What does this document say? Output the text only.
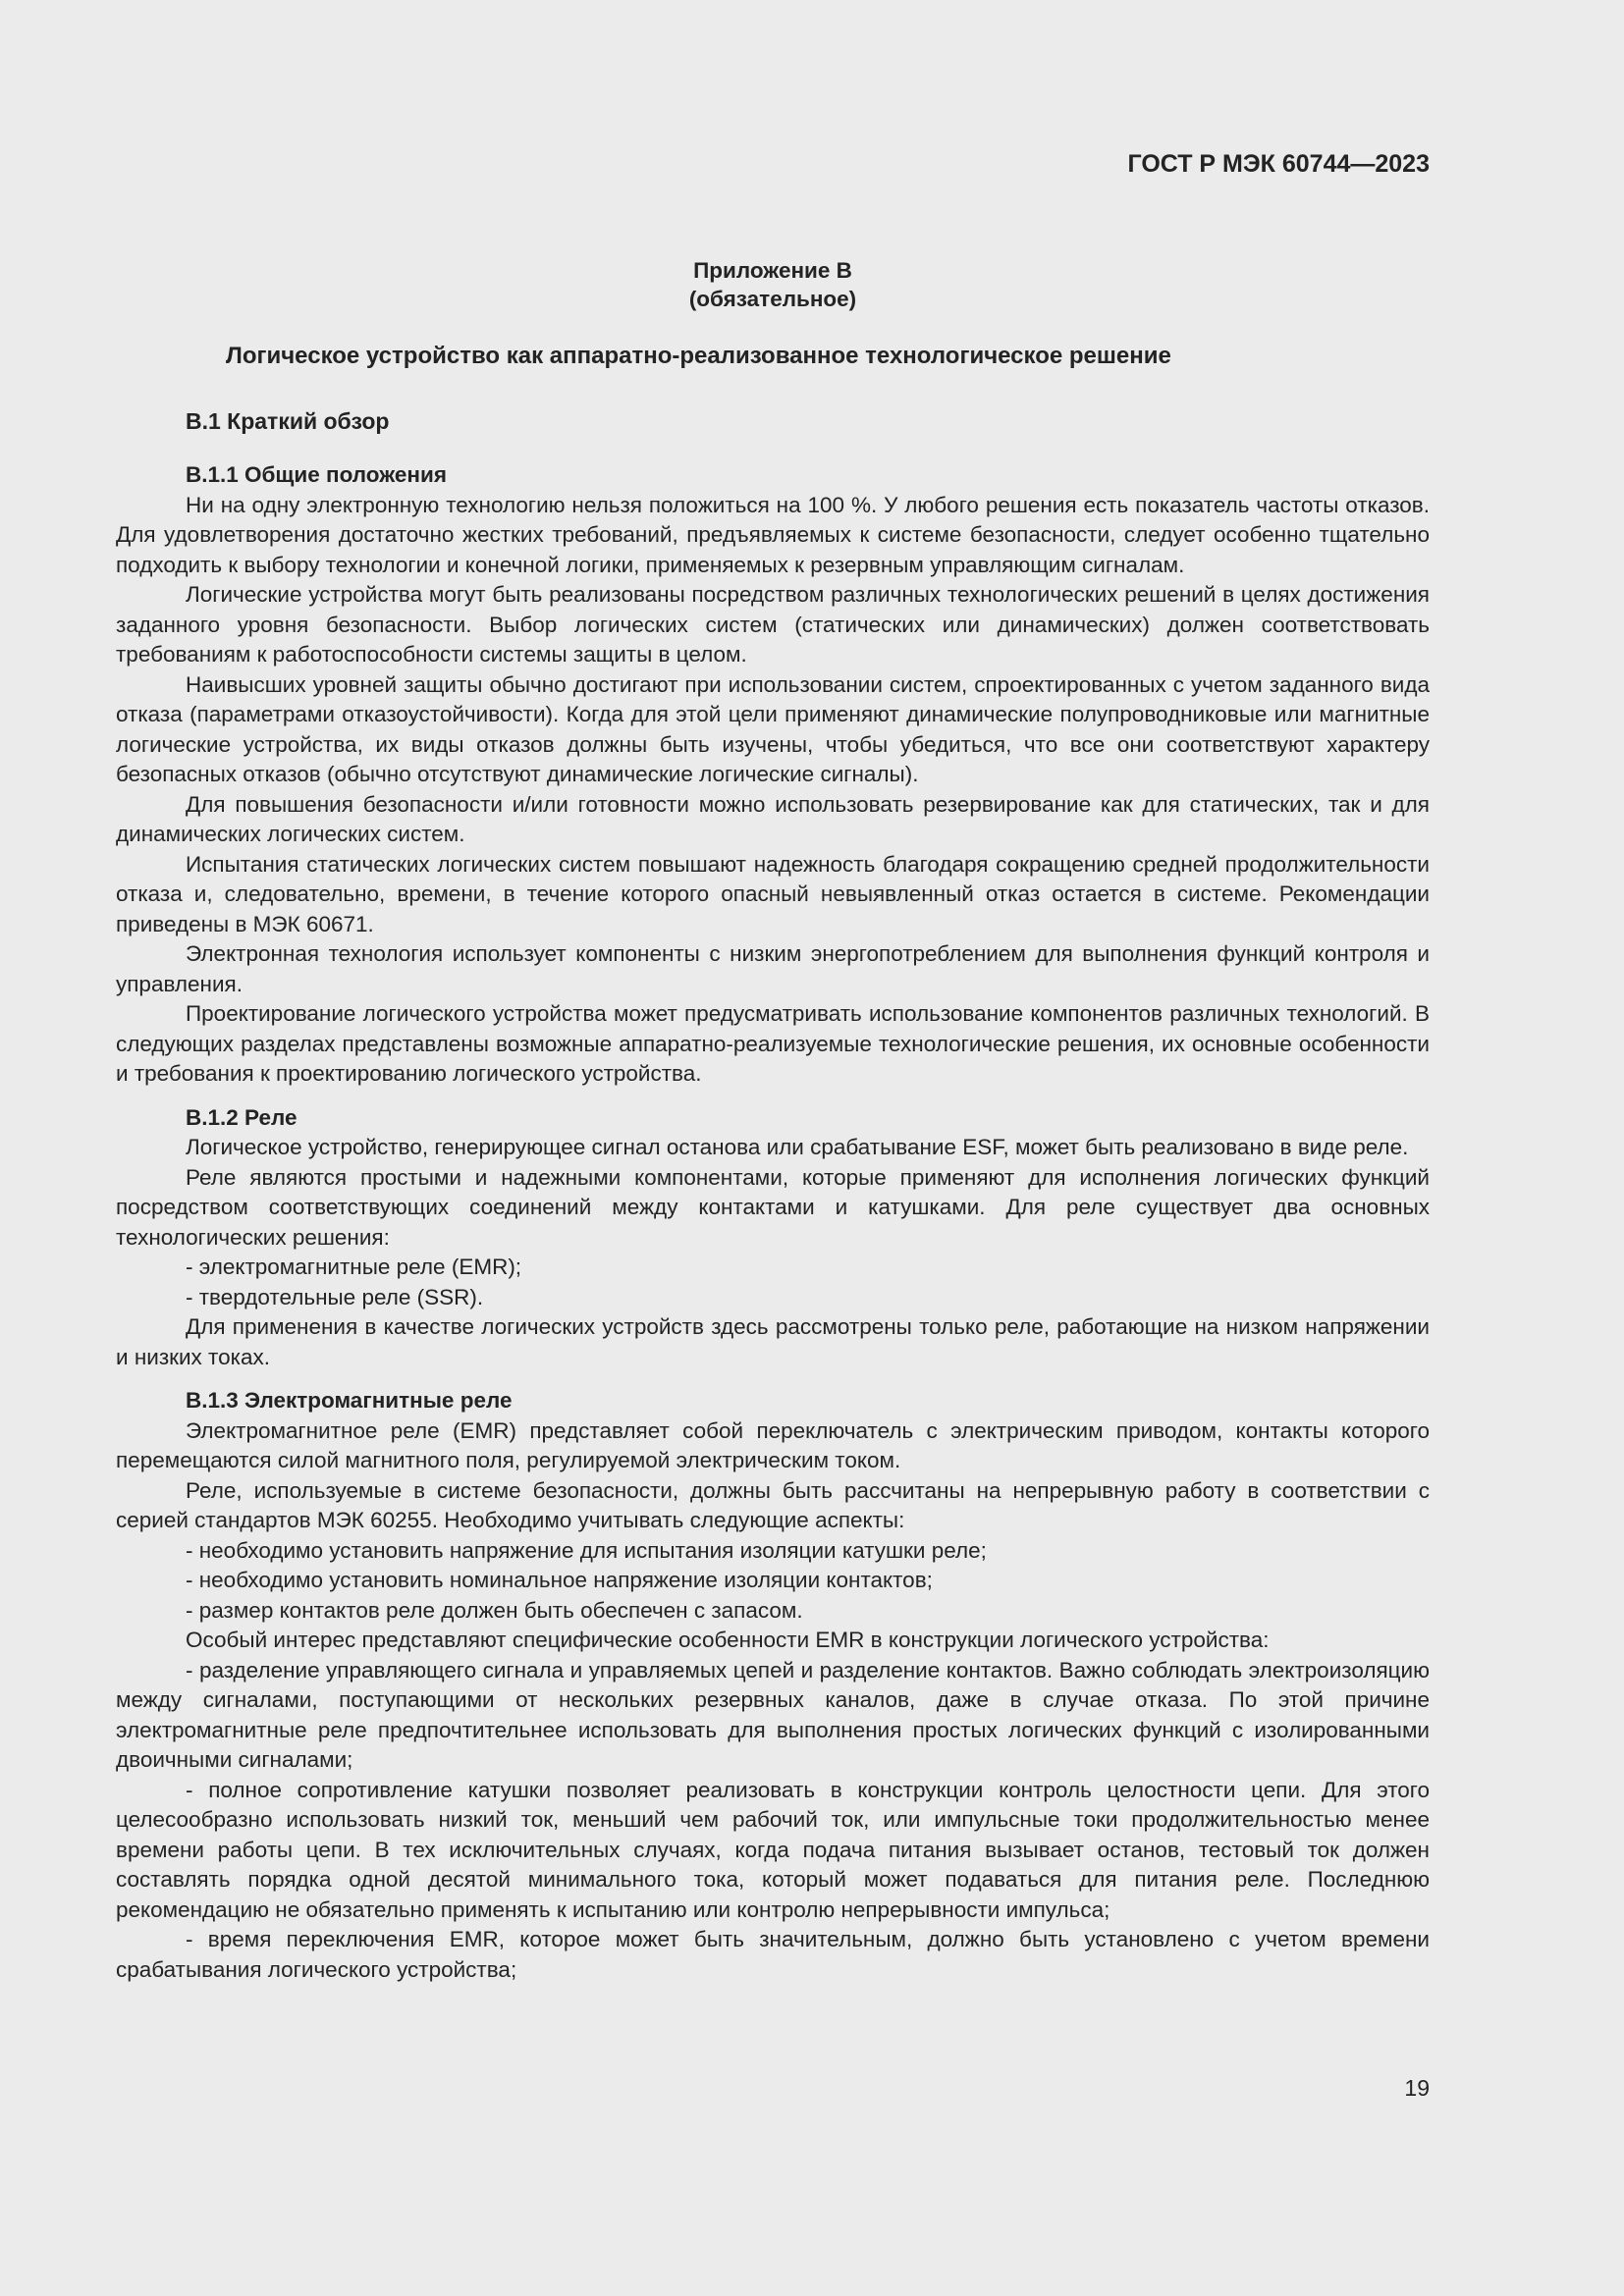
ГОСТ Р МЭК 60744—2023
Приложение В
(обязательное)
Логическое устройство как аппаратно-реализованное технологическое решение
В.1 Краткий обзор
В.1.1 Общие положения

Ни на одну электронную технологию нельзя положиться на 100 %. У любого решения есть показатель частоты отказов. Для удовлетворения достаточно жестких требований, предъявляемых к системе безопасности, следует особенно тщательно подходить к выбору технологии и конечной логики, применяемых к резервным управляющим сигналам.

Логические устройства могут быть реализованы посредством различных технологических решений в целях достижения заданного уровня безопасности. Выбор логических систем (статических или динамических) должен соответствовать требованиям к работоспособности системы защиты в целом.

Наивысших уровней защиты обычно достигают при использовании систем, спроектированных с учетом заданного вида отказа (параметрами отказоустойчивости). Когда для этой цели применяют динамические полупроводниковые или магнитные логические устройства, их виды отказов должны быть изучены, чтобы убедиться, что все они соответствуют характеру безопасных отказов (обычно отсутствуют динамические логические сигналы).

Для повышения безопасности и/или готовности можно использовать резервирование как для статических, так и для динамических логических систем.

Испытания статических логических систем повышают надежность благодаря сокращению средней продолжительности отказа и, следовательно, времени, в течение которого опасный невыявленный отказ остается в системе. Рекомендации приведены в МЭК 60671.

Электронная технология использует компоненты с низким энергопотреблением для выполнения функций контроля и управления.

Проектирование логического устройства может предусматривать использование компонентов различных технологий. В следующих разделах представлены возможные аппаратно-реализуемые технологические решения, их основные особенности и требования к проектированию логического устройства.

В.1.2 Реле

Логическое устройство, генерирующее сигнал останова или срабатывание ESF, может быть реализовано в виде реле.

Реле являются простыми и надежными компонентами, которые применяют для исполнения логических функций посредством соответствующих соединений между контактами и катушками. Для реле существует два основных технологических решения:

- электромагнитные реле (EMR);

- твердотельные реле (SSR).

Для применения в качестве логических устройств здесь рассмотрены только реле, работающие на низком напряжении и низких токах.

В.1.3 Электромагнитные реле

Электромагнитное реле (EMR) представляет собой переключатель с электрическим приводом, контакты которого перемещаются силой магнитного поля, регулируемой электрическим током.

Реле, используемые в системе безопасности, должны быть рассчитаны на непрерывную работу в соответствии с серией стандартов МЭК 60255. Необходимо учитывать следующие аспекты:

- необходимо установить напряжение для испытания изоляции катушки реле;

- необходимо установить номинальное напряжение изоляции контактов;

- размер контактов реле должен быть обеспечен с запасом.

Особый интерес представляют специфические особенности EMR в конструкции логического устройства:

- разделение управляющего сигнала и управляемых цепей и разделение контактов. Важно соблюдать электроизоляцию между сигналами, поступающими от нескольких резервных каналов, даже в случае отказа. По этой причине электромагнитные реле предпочтительнее использовать для выполнения простых логических функций с изолированными двоичными сигналами;

- полное сопротивление катушки позволяет реализовать в конструкции контроль целостности цепи. Для этого целесообразно использовать низкий ток, меньший чем рабочий ток, или импульсные токи продолжительностью менее времени работы цепи. В тех исключительных случаях, когда подача питания вызывает останов, тестовый ток должен составлять порядка одной десятой минимального тока, который может подаваться для питания реле. Последнюю рекомендацию не обязательно применять к испытанию или контролю непрерывности импульса;

- время переключения EMR, которое может быть значительным, должно быть установлено с учетом времени срабатывания логического устройства;

19
